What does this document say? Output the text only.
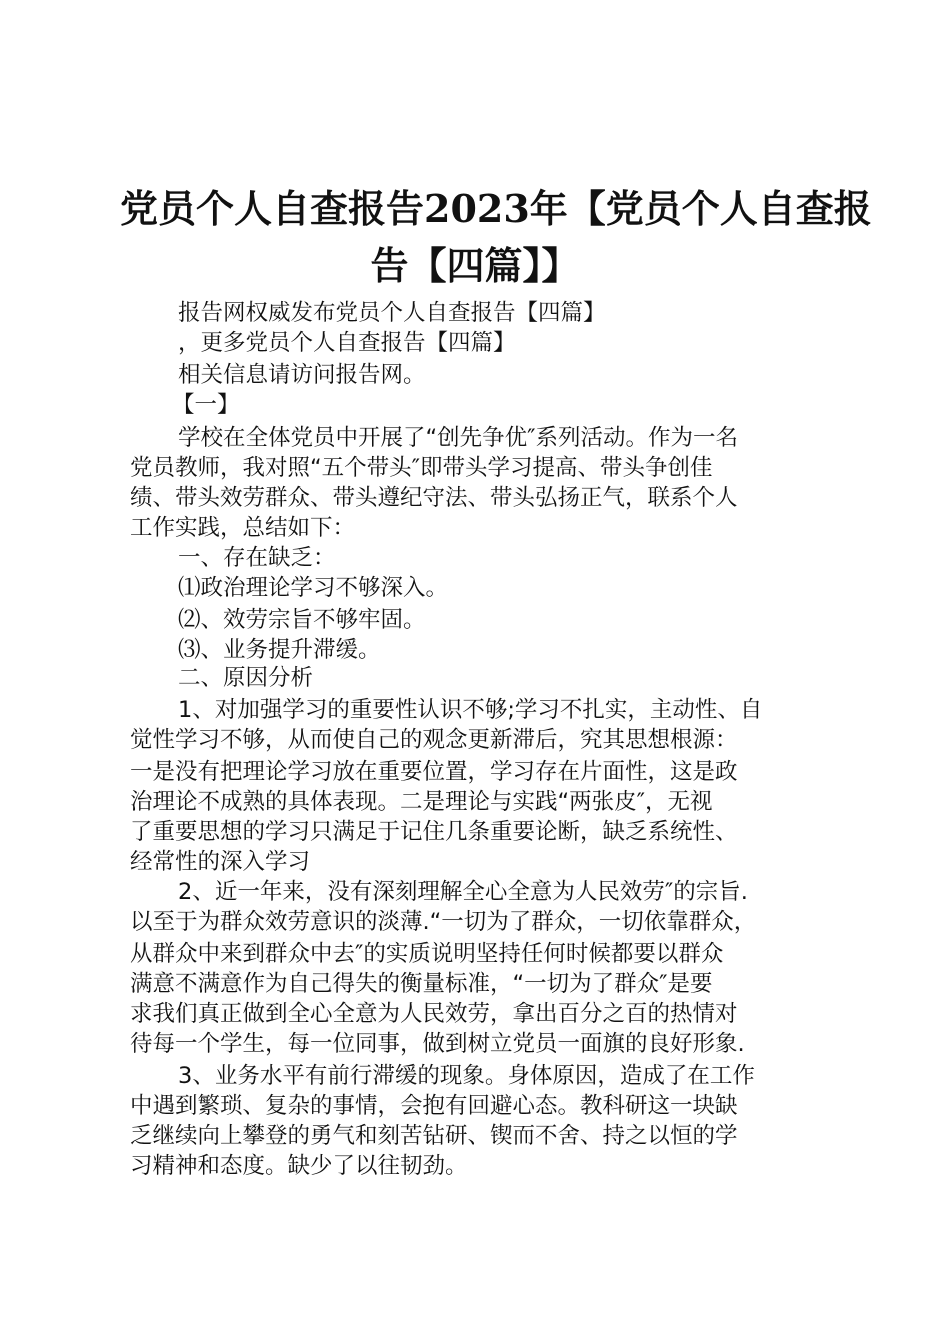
党员个人自查报告2023年【党员个人自查报
告【四篇】】

报告网权威发布党员个人自查报告【四篇】

，更多党员个人自查报告【四篇】

相关信息请访问报告网。

【一】

学校在全体党员中开展了“创先争优″系列活动。作为一名

党员教师，我对照“五个带头″即带头学习提高、带头争创佳

绩、带头效劳群众、带头遵纪守法、带头弘扬正气，联系个人

工作实践，总结如下：

一、存在缺乏：

⑴政治理论学习不够深入。

⑵、效劳宗旨不够牢固。

⑶、业务提升滞缓。

二、原因分析

1、对加强学习的重要性认识不够;学习不扎实，主动性、自

觉性学习不够，从而使自己的观念更新滞后，究其思想根源：

一是没有把理论学习放在重要位置，学习存在片面性，这是政

治理论不成熟的具体表现。二是理论与实践“两张皮″，无视

了重要思想的学习只满足于记住几条重要论断，缺乏系统性、

经常性的深入学习

2、近一年来，没有深刻理解全心全意为人民效劳″的宗旨.

以至于为群众效劳意识的淡薄.“一切为了群众，一切依靠群众，

从群众中来到群众中去″的实质说明坚持任何时候都要以群众

满意不满意作为自己得失的衡量标准，“一切为了群众″是要

求我们真正做到全心全意为人民效劳，拿出百分之百的热情对

待每一个学生，每一位同事，做到树立党员一面旗的良好形象.

3、业务水平有前行滞缓的现象。身体原因，造成了在工作

中遇到繁琐、复杂的事情，会抱有回避心态。教科研这一块缺

乏继续向上攀登的勇气和刻苦钻研、锲而不舍、持之以恒的学

习精神和态度。缺少了以往韧劲。
